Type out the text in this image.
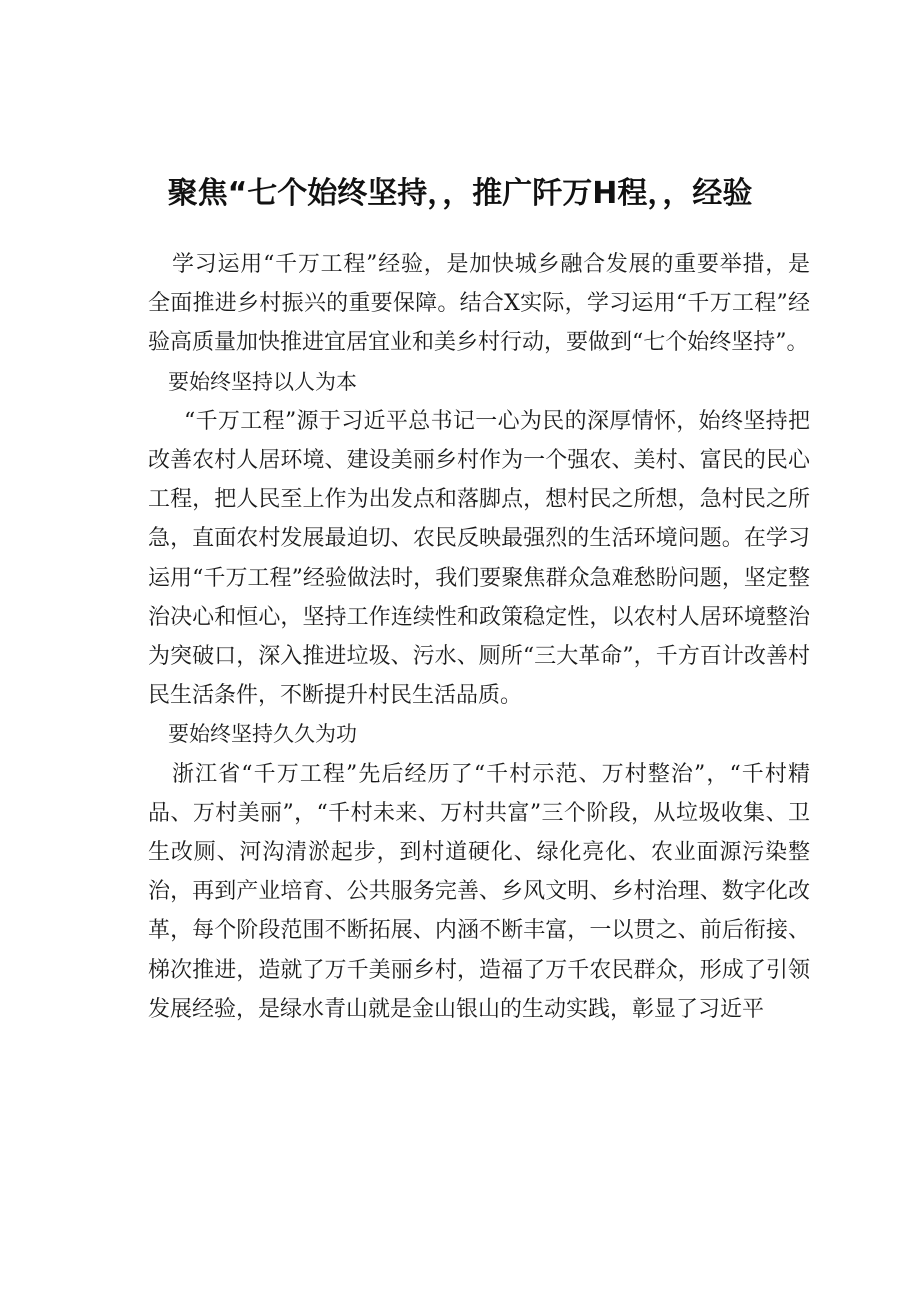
聚焦“七个始终坚持，，推广阡万H程，，经验

学习运用“千万工程”经验，是加快城乡融合发展的重要举措，是全面推进乡村振兴的重要保障。结合X实际，学习运用“千万工程”经验高质量加快推进宜居宜业和美乡村行动，要做到“七个始终坚持”。

要始终坚持以人为本

“千万工程”源于习近平总书记一心为民的深厚情怀，始终坚持把改善农村人居环境、建设美丽乡村作为一个强农、美村、富民的民心工程，把人民至上作为出发点和落脚点，想村民之所想，急村民之所急，直面农村发展最迫切、农民反映最强烈的生活环境问题。在学习运用“千万工程”经验做法时，我们要聚焦群众急难愁盼问题，坚定整治决心和恒心，坚持工作连续性和政策稳定性，以农村人居环境整治为突破口，深入推进垃圾、污水、厕所“三大革命”，千方百计改善村民生活条件，不断提升村民生活品质。

要始终坚持久久为功

浙江省“千万工程”先后经历了“千村示范、万村整治”，“千村精品、万村美丽”，“千村未来、万村共富”三个阶段，从垃圾收集、卫生改厕、河沟清淤起步，到村道硬化、绿化亮化、农业面源污染整治，再到产业培育、公共服务完善、乡风文明、乡村治理、数字化改革，每个阶段范围不断拓展、内涵不断丰富，一以贯之、前后衔接、梯次推进，造就了万千美丽乡村，造福了万千农民群众，形成了引领发展经验，是绿水青山就是金山银山的生动实践，彰显了习近平
